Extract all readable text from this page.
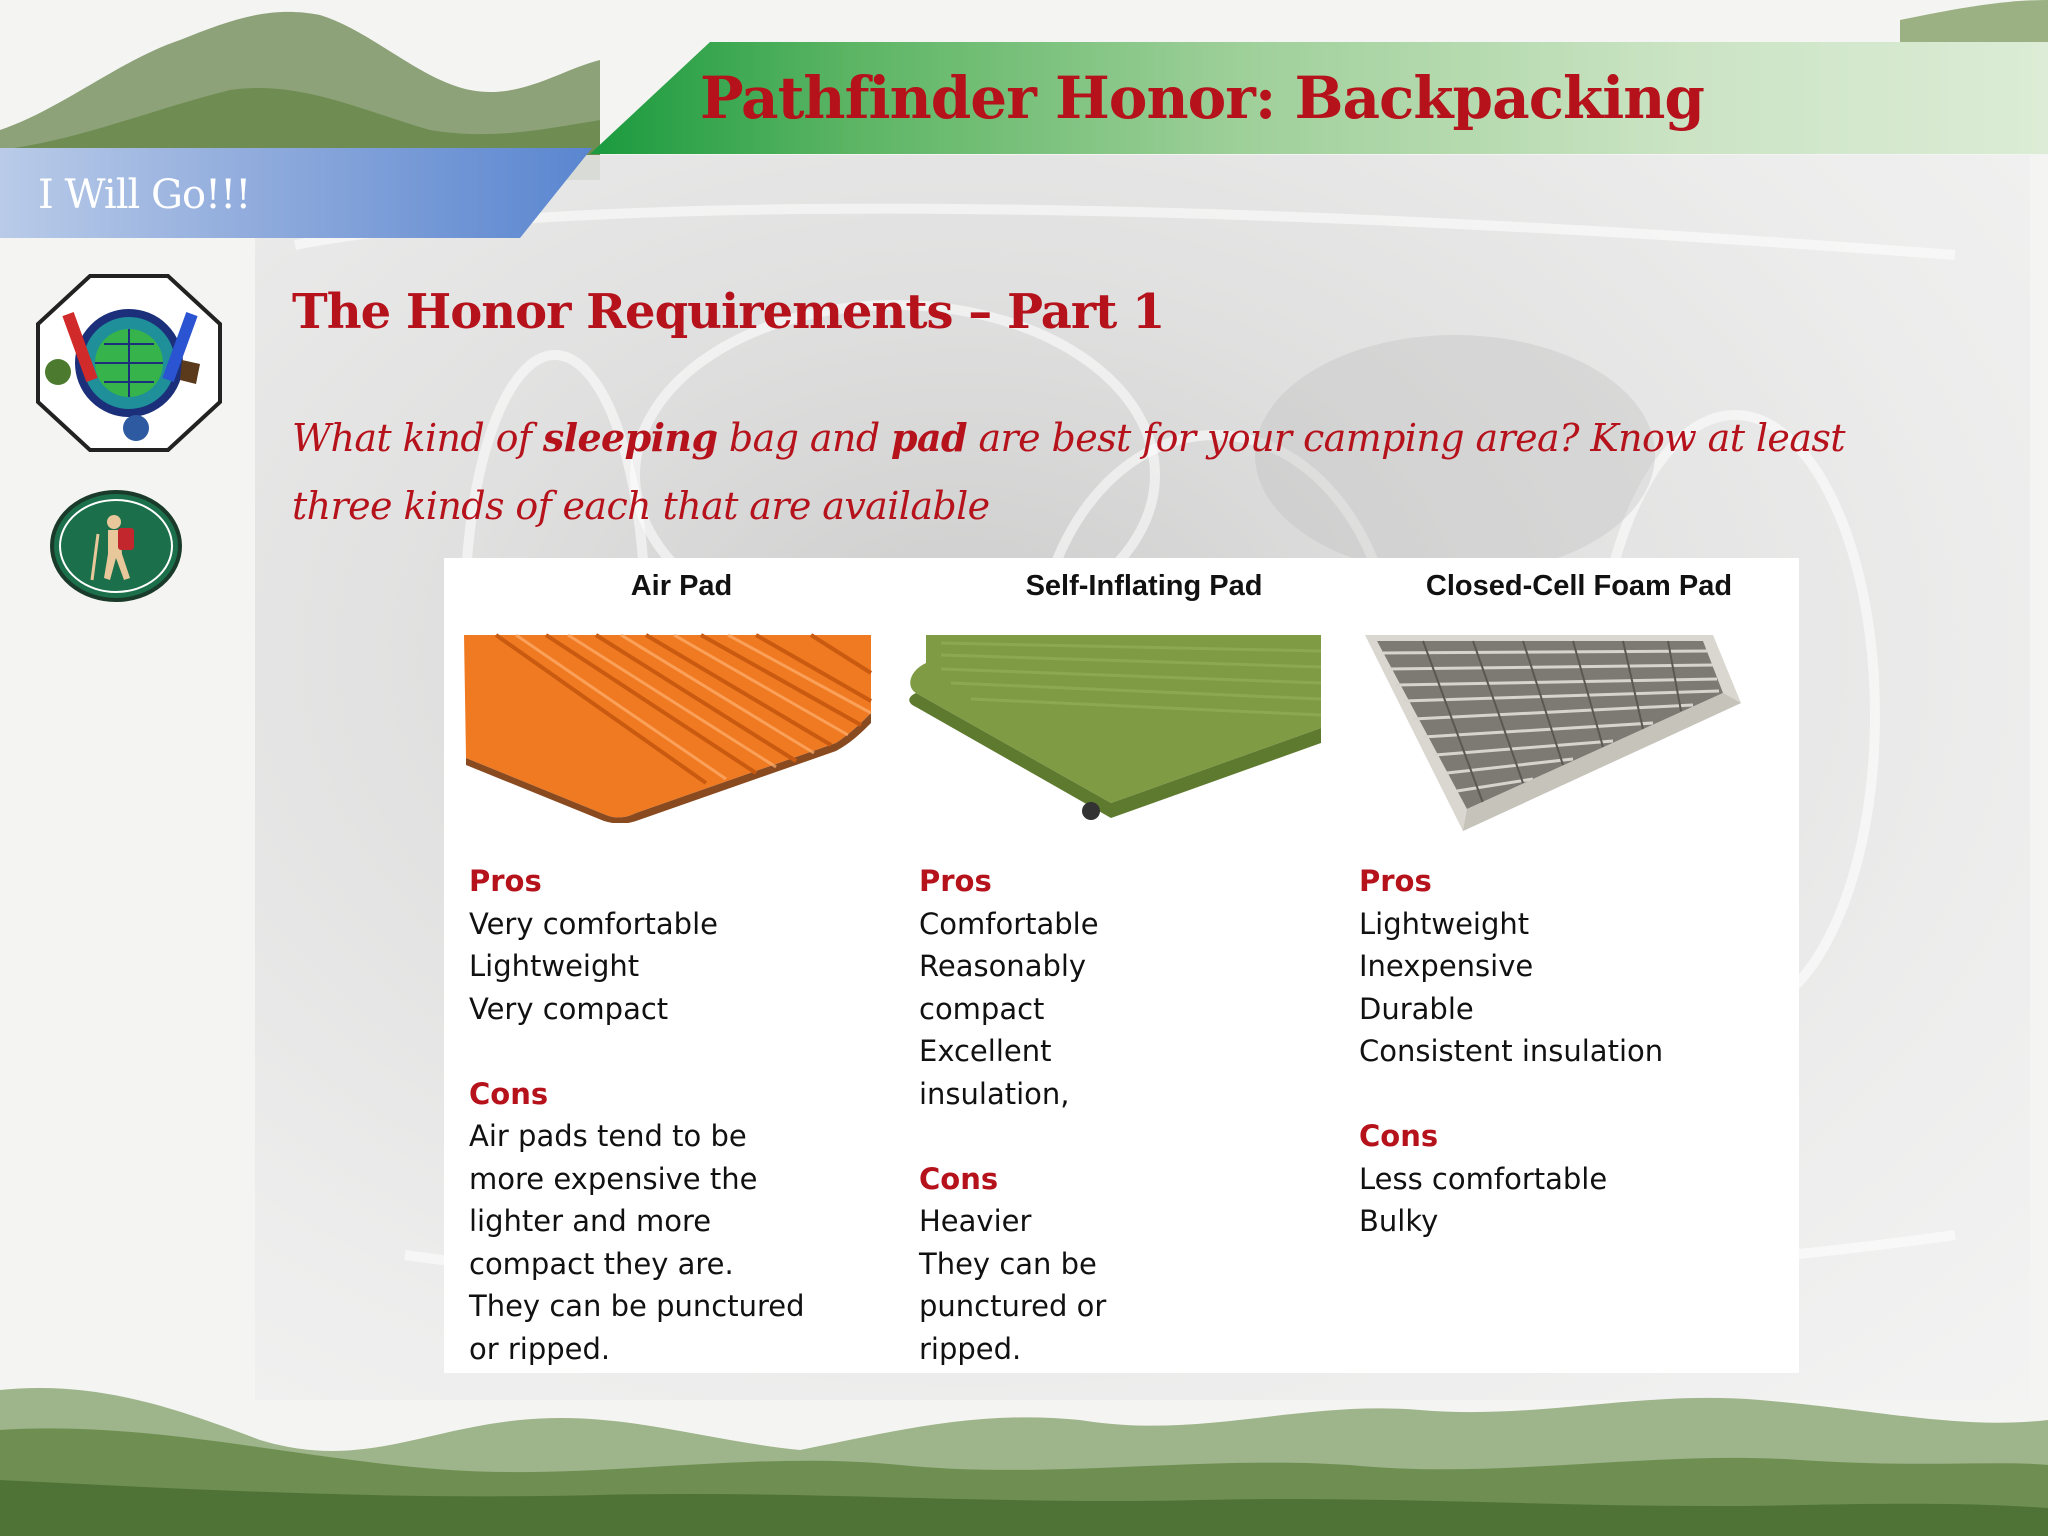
Pathfinder Honor: Backpacking

I Will Go!!!

The Honor Requirements – Part 1

What kind of sleeping bag and pad are best for your camping area? Know at least three kinds of each that are available

Air Pad

Pros
Very comfortable
Lightweight
Very compact
Cons
Air pads tend to be
more expensive the
lighter and more
compact they are.
They can be punctured
or ripped.

Self-Inflating Pad

Pros
Comfortable
Reasonably
compact
Excellent
insulation,
Cons
Heavier
They can be
punctured or
ripped.

Closed-Cell Foam Pad

Pros
Lightweight
Inexpensive
Durable
Consistent insulation
Cons
Less comfortable
Bulky
